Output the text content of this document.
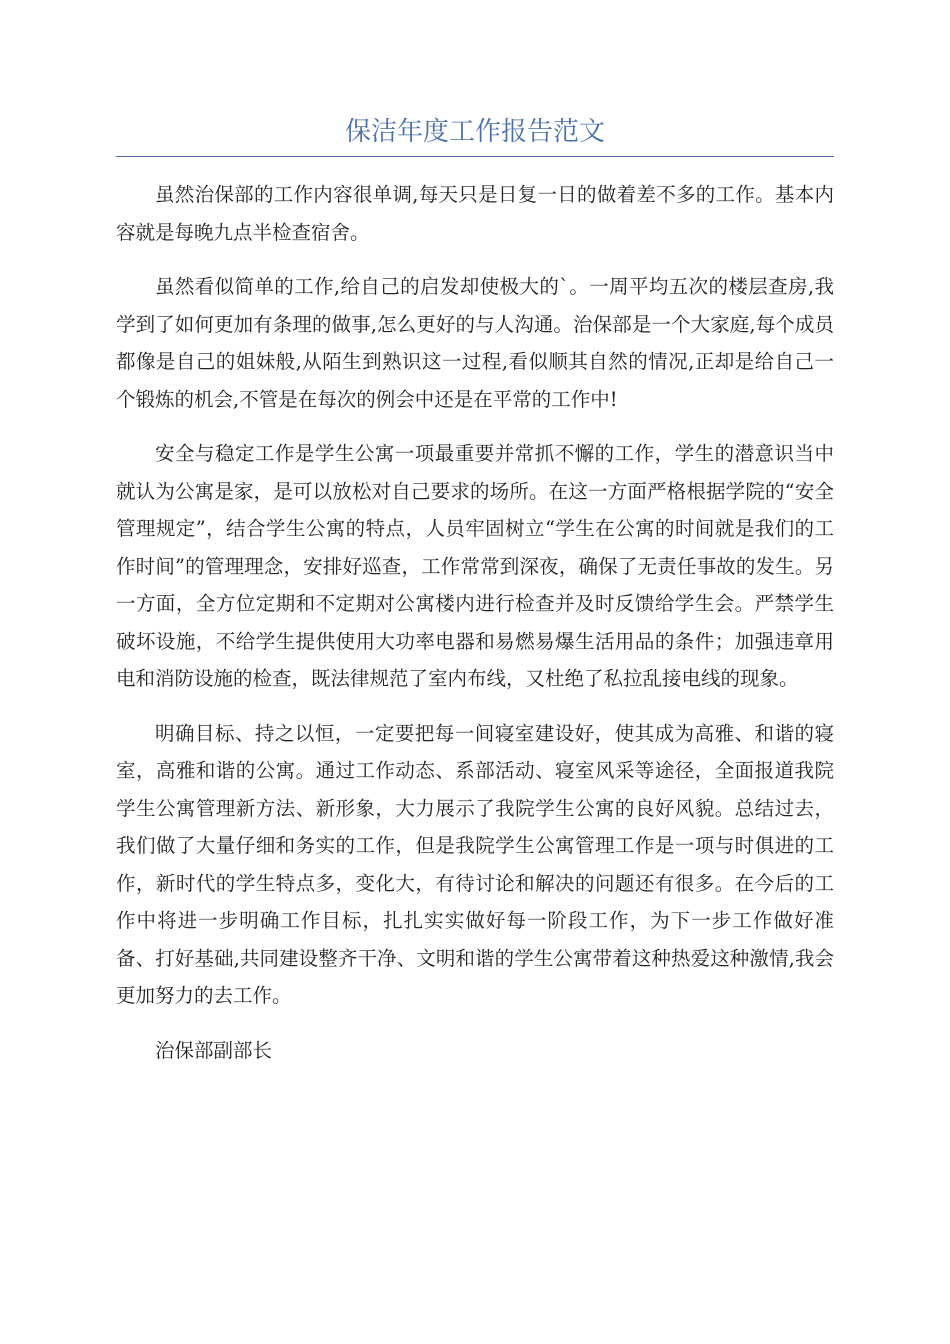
保洁年度工作报告范文

虽然治保部的工作内容很单调,每天只是日复一日的做着差不多的工作。基本内容就是每晚九点半检查宿舍。

虽然看似简单的工作,给自己的启发却使极大的`。一周平均五次的楼层查房,我学到了如何更加有条理的做事,怎么更好的与人沟通。治保部是一个大家庭,每个成员都像是自己的姐妹般,从陌生到熟识这一过程,看似顺其自然的情况,正却是给自己一个锻炼的机会,不管是在每次的例会中还是在平常的工作中!

安全与稳定工作是学生公寓一项最重要并常抓不懈的工作，学生的潜意识当中就认为公寓是家，是可以放松对自己要求的场所。在这一方面严格根据学院的“安全管理规定”，结合学生公寓的特点，人员牢固树立“学生在公寓的时间就是我们的工作时间”的管理理念，安排好巡查，工作常常到深夜，确保了无责任事故的发生。另一方面，全方位定期和不定期对公寓楼内进行检查并及时反馈给学生会。严禁学生破坏设施，不给学生提供使用大功率电器和易燃易爆生活用品的条件；加强违章用电和消防设施的检查，既法律规范了室内布线，又杜绝了私拉乱接电线的现象。

明确目标、持之以恒，一定要把每一间寝室建设好，使其成为高雅、和谐的寝室，高雅和谐的公寓。通过工作动态、系部活动、寝室风采等途径，全面报道我院学生公寓管理新方法、新形象，大力展示了我院学生公寓的良好风貌。总结过去，我们做了大量仔细和务实的工作，但是我院学生公寓管理工作是一项与时俱进的工作，新时代的学生特点多，变化大，有待讨论和解决的问题还有很多。在今后的工作中将进一步明确工作目标，扎扎实实做好每一阶段工作，为下一步工作做好准备、打好基础,共同建设整齐干净、文明和谐的学生公寓带着这种热爱这种激情,我会更加努力的去工作。

治保部副部长
